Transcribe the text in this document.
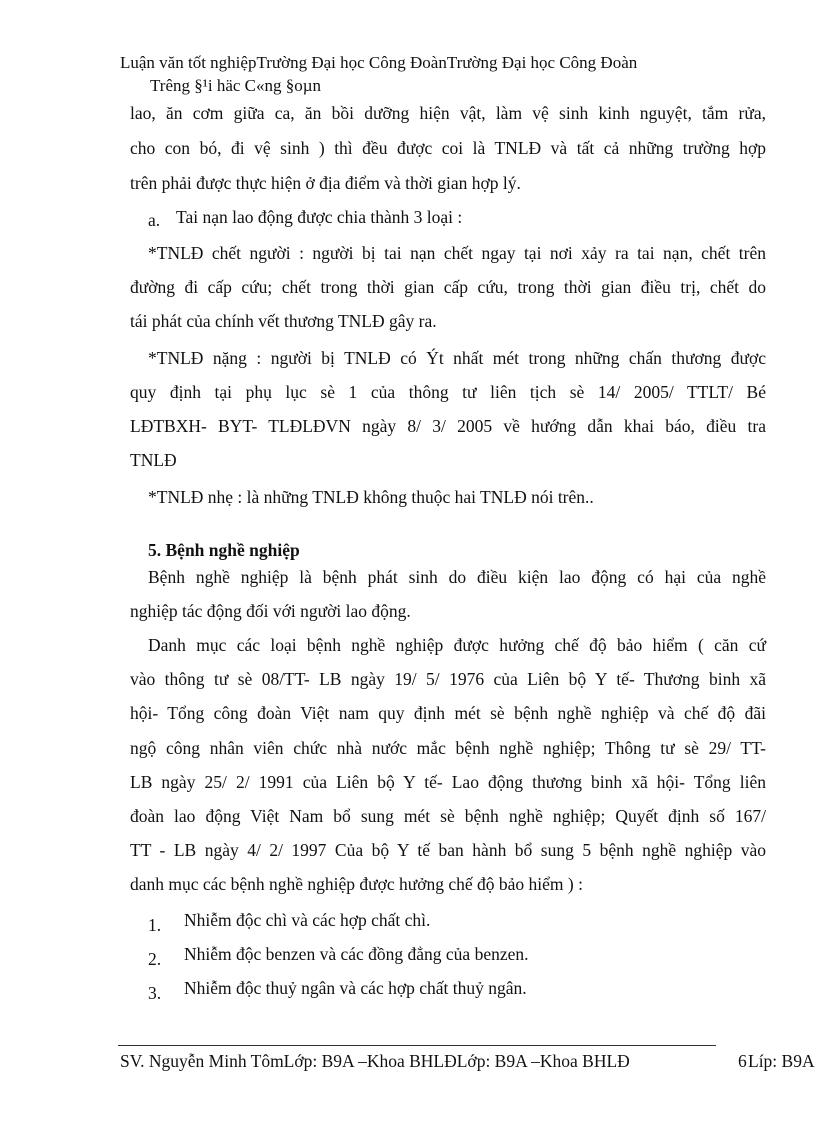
Luận văn tốt nghiệpTrường Đại học Công ĐoànTrường Đại học Công Đoàn
Trêng §¹i häc C«ng §oµn
lao, ăn cơm giữa ca, ăn bồi dưỡng hiện vật, làm vệ sinh kinh nguyệt, tắm rửa,
cho con bó, đi vệ sinh ) thì đều được coi là TNLĐ và tất cả những trường hợp
trên phải được thực hiện ở địa điểm và thời gian hợp lý.
a. Tai nạn lao động được chia thành 3 loại :
*TNLĐ chết người : người bị tai nạn chết ngay tại nơi xảy ra tai nạn, chết trên
đường đi cấp cứu; chết trong thời gian cấp cứu, trong thời gian điều trị, chết do
tái phát của chính vết thương TNLĐ gây ra.
*TNLĐ nặng : người bị TNLĐ có Ýt nhất mét trong những chấn thương được
quy định tại phụ lục sè 1 của thông tư liên tịch sè 14/ 2005/ TTLT/ Bé
LĐTBXH- BYT- TLĐLĐVN ngày 8/ 3/ 2005 về hướng dẫn khai báo, điều tra
TNLĐ
*TNLĐ nhẹ : là những TNLĐ không thuộc hai TNLĐ nói trên..
5. Bệnh nghề nghiệp
Bệnh nghề nghiệp là bệnh phát sinh do điều kiện lao động có hại của nghề
nghiệp tác động đối với người lao động.
Danh mục các loại bệnh nghề nghiệp được hưởng chế độ bảo hiểm ( căn cứ
vào thông tư sè 08/TT- LB ngày 19/ 5/ 1976 của Liên bộ Y tế- Thương binh xã
hội- Tổng công đoàn Việt nam quy định mét sè bệnh nghề nghiệp và chế độ đãi
ngộ công nhân viên chức nhà nước mắc bệnh nghề nghiệp; Thông tư sè 29/ TT-
LB ngày 25/ 2/ 1991 của Liên bộ Y tế- Lao động thương binh xã hội- Tổng liên
đoàn lao động Việt Nam bổ sung mét sè bệnh nghề nghiệp; Quyết định số 167/
TT - LB ngày 4/ 2/ 1997 Của bộ Y tế ban hành bổ sung 5 bệnh nghề nghiệp vào
danh mục các bệnh nghề nghiệp được hưởng chế độ bảo hiểm ) :
1. Nhiễm độc chì và các hợp chất chì.
2. Nhiễm độc benzen và các đồng đẳng của benzen.
3. Nhiễm độc thuỷ ngân và các hợp chất thuỷ ngân.
SV. Nguyễn Minh TômLớp: B9A –Khoa BHLĐLớp: B9A –Khoa BHLĐ	6 Líp: B9A
